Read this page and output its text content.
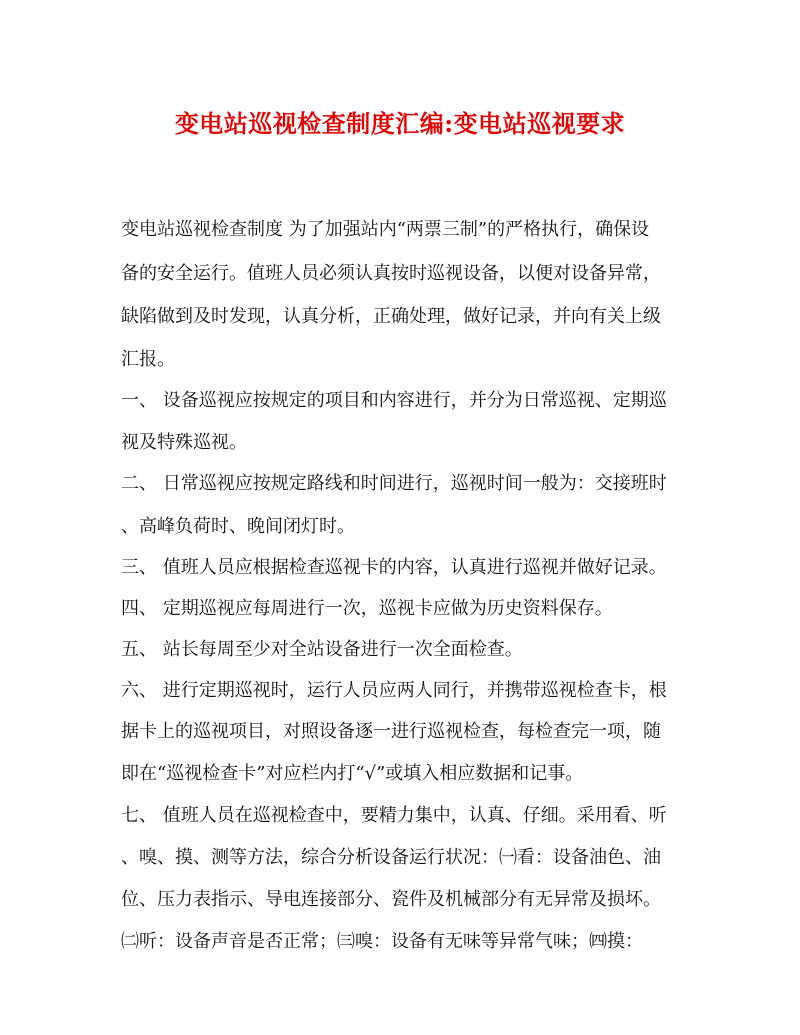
变电站巡视检查制度汇编:变电站巡视要求
变电站巡视检查制度 为了加强站内“两票三制”的严格执行，确保设
备的安全运行。值班人员必须认真按时巡视设备，以便对设备异常，
缺陷做到及时发现，认真分析，正确处理，做好记录，并向有关上级
汇报。
一、 设备巡视应按规定的项目和内容进行，并分为日常巡视、定期巡
视及特殊巡视。
二、 日常巡视应按规定路线和时间进行，巡视时间一般为：交接班时
、高峰负荷时、晚间闭灯时。
三、 值班人员应根据检查巡视卡的内容，认真进行巡视并做好记录。
四、 定期巡视应每周进行一次，巡视卡应做为历史资料保存。
五、 站长每周至少对全站设备进行一次全面检查。
六、 进行定期巡视时，运行人员应两人同行，并携带巡视检查卡，根
据卡上的巡视项目，对照设备逐一进行巡视检查，每检查完一项，随
即在“巡视检查卡”对应栏内打“√”或填入相应数据和记事。
七、 值班人员在巡视检查中，要精力集中，认真、仔细。采用看、听
、嗅、摸、测等方法，综合分析设备运行状况：㈠看：设备油色、油
位、压力表指示、导电连接部分、瓷件及机械部分有无异常及损坏。
㈡听：设备声音是否正常；㈢嗅：设备有无味等异常气味；㈣摸：
